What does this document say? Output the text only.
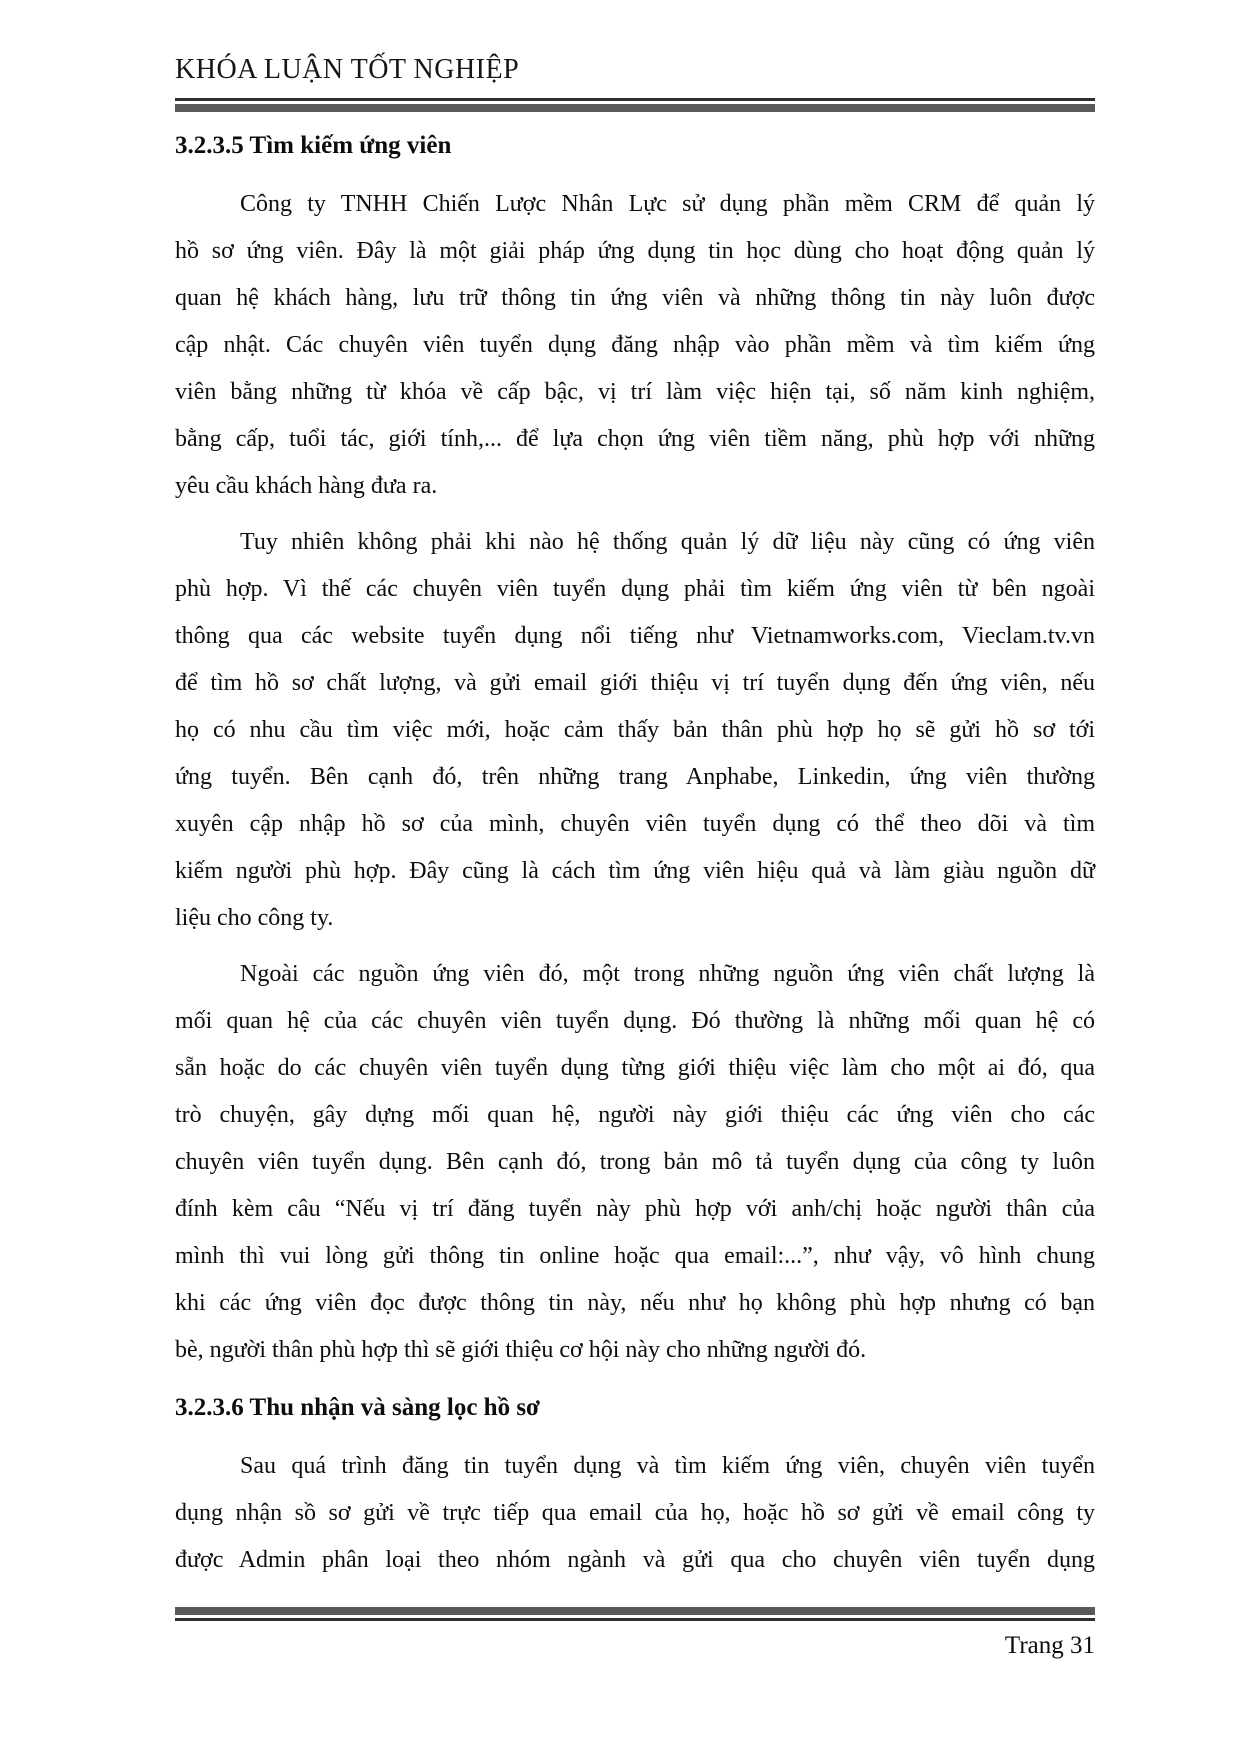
KHÓA LUẬN TỐT NGHIỆP
3.2.3.5 Tìm kiếm ứng viên
Công ty TNHH Chiến Lược Nhân Lực sử dụng phần mềm CRM để quản lý
hồ sơ ứng viên. Đây là một giải pháp ứng dụng tin học dùng cho hoạt động quản lý
quan hệ khách hàng, lưu trữ thông tin ứng viên và những thông tin này luôn được
cập nhật. Các chuyên viên tuyển dụng đăng nhập vào phần mềm và tìm kiếm ứng
viên bằng những từ khóa về cấp bậc, vị trí làm việc hiện tại, số năm kinh nghiệm,
bằng cấp, tuổi tác, giới tính,... để lựa chọn ứng viên tiềm năng, phù hợp với những
yêu cầu khách hàng đưa ra.
Tuy nhiên không phải khi nào hệ thống quản lý dữ liệu này cũng có ứng viên
phù hợp. Vì thế các chuyên viên tuyển dụng phải tìm kiếm ứng viên từ bên ngoài
thông qua các website tuyển dụng nổi tiếng như Vietnamworks.com, Vieclam.tv.vn
để tìm hồ sơ chất lượng, và gửi email giới thiệu vị trí tuyển dụng đến ứng viên, nếu
họ có nhu cầu tìm việc mới, hoặc cảm thấy bản thân phù hợp họ sẽ gửi hồ sơ tới
ứng tuyển. Bên cạnh đó, trên những trang Anphabe, Linkedin, ứng viên thường
xuyên cập nhập hồ sơ của mình, chuyên viên tuyển dụng có thể theo dõi và tìm
kiếm người phù hợp. Đây cũng là cách tìm ứng viên hiệu quả và làm giàu nguồn dữ
liệu cho công ty.
Ngoài các nguồn ứng viên đó, một trong những nguồn ứng viên chất lượng là
mối quan hệ của các chuyên viên tuyển dụng. Đó thường là những mối quan hệ có
sẵn hoặc do các chuyên viên tuyển dụng từng giới thiệu việc làm cho một ai đó, qua
trò chuyện, gây dựng mối quan hệ, người này giới thiệu các ứng viên cho các
chuyên viên tuyển dụng. Bên cạnh đó, trong bản mô tả tuyển dụng của công ty luôn
đính kèm câu “Nếu vị trí đăng tuyển này phù hợp với anh/chị hoặc người thân của
mình thì vui lòng gửi thông tin online hoặc qua email:...”, như vậy, vô hình chung
khi các ứng viên đọc được thông tin này, nếu như họ không phù hợp nhưng có bạn
bè, người thân phù hợp thì sẽ giới thiệu cơ hội này cho những người đó.
3.2.3.6 Thu nhận và sàng lọc hồ sơ
Sau quá trình đăng tin tuyển dụng và tìm kiếm ứng viên, chuyên viên tuyển
dụng nhận sồ sơ gửi về trực tiếp qua email của họ, hoặc hồ sơ gửi về email công ty
được Admin phân loại theo nhóm ngành và gửi qua cho chuyên viên tuyển dụng
Trang 31
